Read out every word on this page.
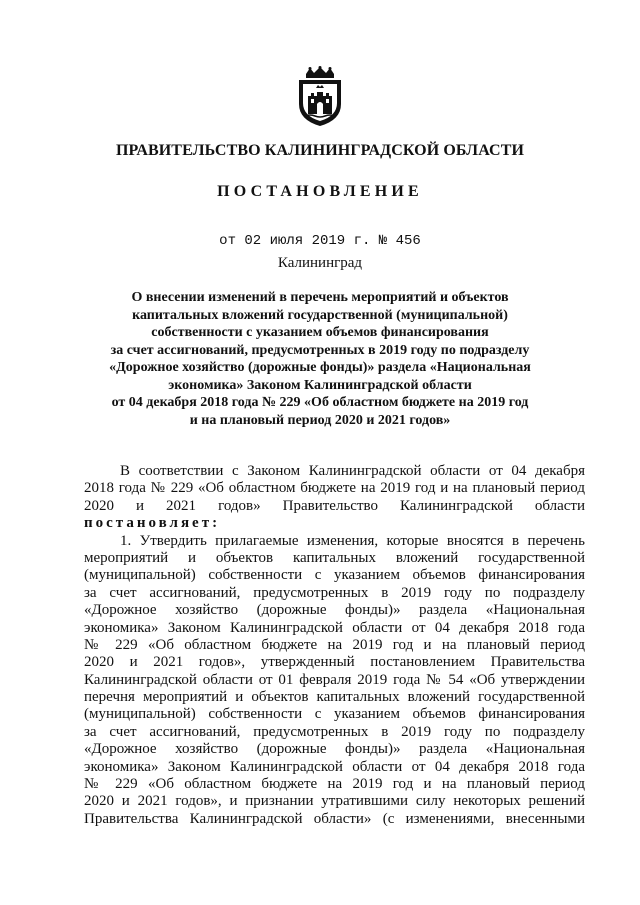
ПРАВИТЕЛЬСТВО КАЛИНИНГРАДСКОЙ ОБЛАСТИ
ПОСТАНОВЛЕНИЕ
от 02 июля 2019 г. № 456
Калининград
О внесении изменений в перечень мероприятий и объектов
капитальных вложений государственной (муниципальной)
собственности с указанием объемов финансирования
за счет ассигнований, предусмотренных в 2019 году по подразделу
«Дорожное хозяйство (дорожные фонды)» раздела «Национальная
экономика» Законом Калининградской области
от 04 декабря 2018 года № 229 «Об областном бюджете на 2019 год
и на плановый период 2020 и 2021 годов»
В соответствии с Законом Калининградской области от 04 декабря
2018 года № 229 «Об областном бюджете на 2019 год и на плановый период
2020 и 2021 годов» Правительство Калининградской области
постановляет:
1. Утвердить прилагаемые изменения, которые вносятся в перечень
мероприятий и объектов капитальных вложений государственной
(муниципальной) собственности с указанием объемов финансирования
за счет ассигнований, предусмотренных в 2019 году по подразделу
«Дорожное хозяйство (дорожные фонды)» раздела «Национальная
экономика» Законом Калининградской области от 04 декабря 2018 года
№ 229 «Об областном бюджете на 2019 год и на плановый период
2020 и 2021 годов», утвержденный постановлением Правительства
Калининградской области от 01 февраля 2019 года № 54 «Об утверждении
перечня мероприятий и объектов капитальных вложений государственной
(муниципальной) собственности с указанием объемов финансирования
за счет ассигнований, предусмотренных в 2019 году по подразделу
«Дорожное хозяйство (дорожные фонды)» раздела «Национальная
экономика» Законом Калининградской области от 04 декабря 2018 года
№ 229 «Об областном бюджете на 2019 год и на плановый период
2020 и 2021 годов», и признании утратившими силу некоторых решений
Правительства Калининградской области» (с изменениями, внесенными
